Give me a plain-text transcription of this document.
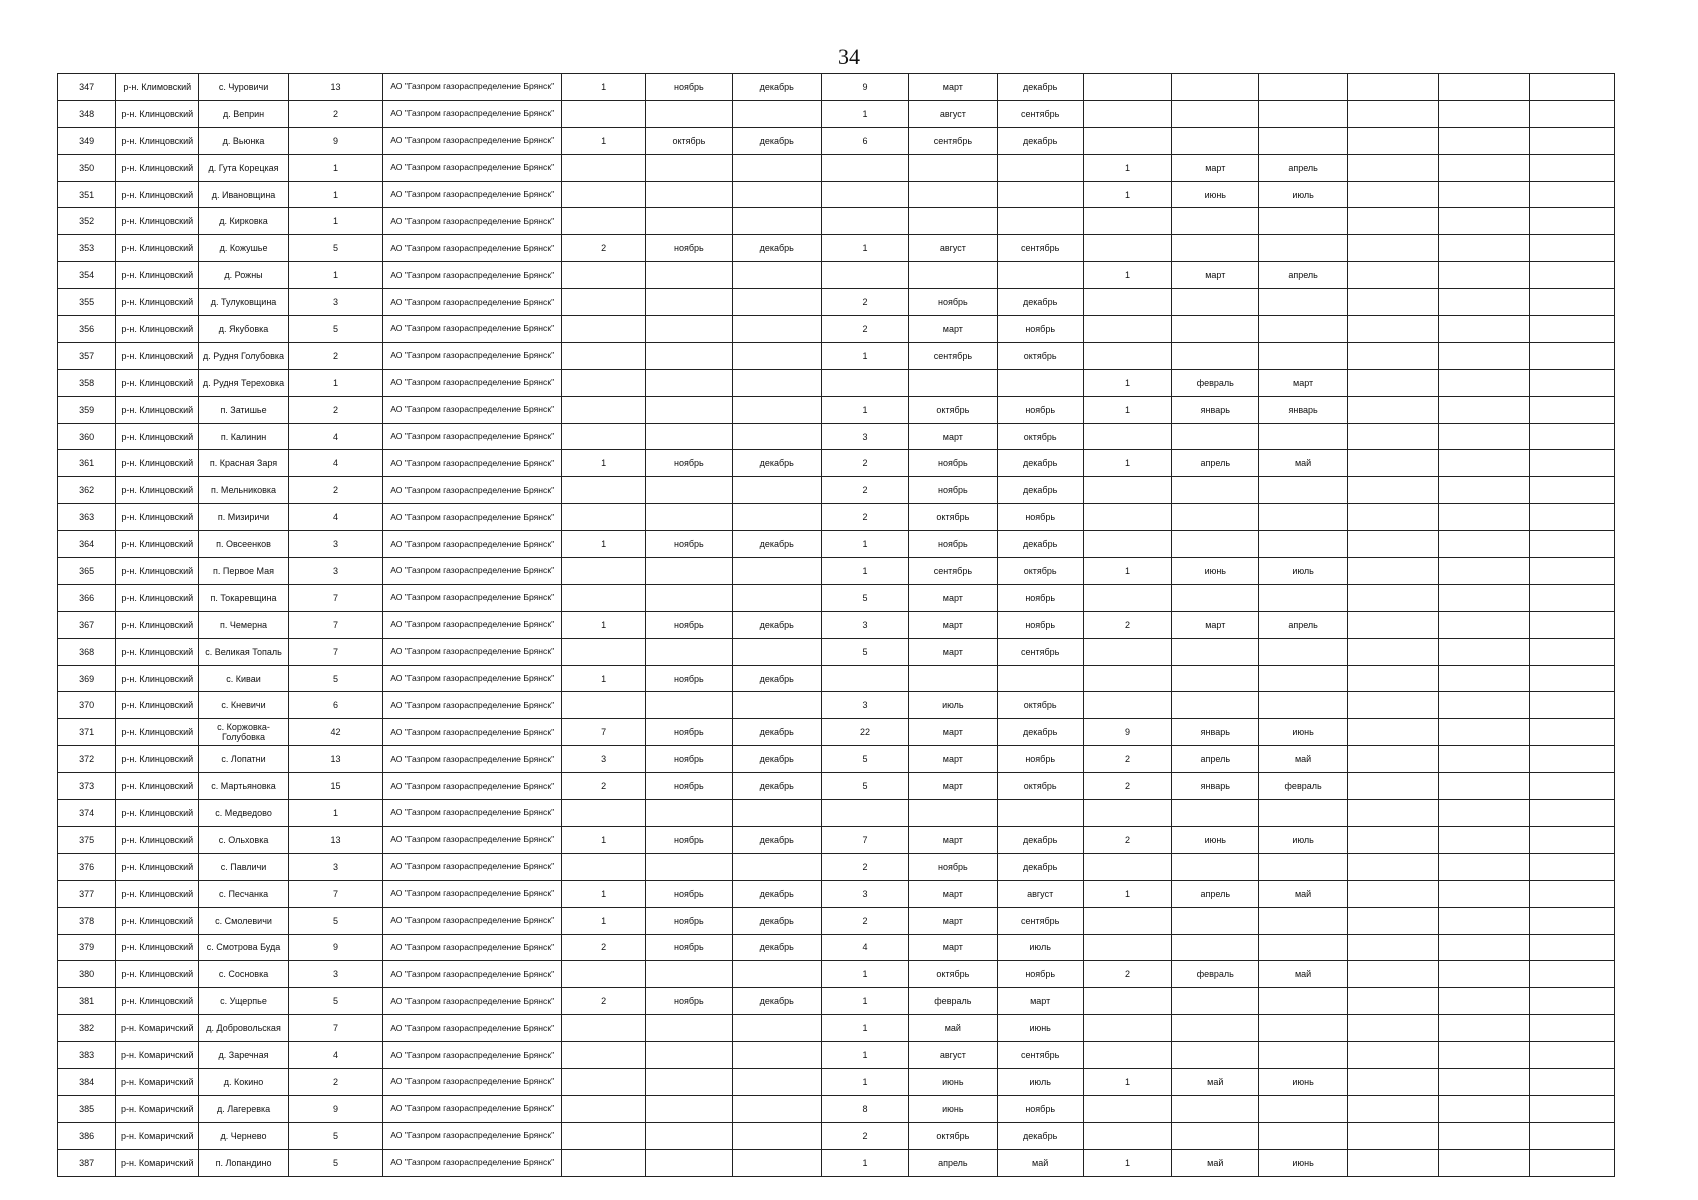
34
347	р-н. Климовский	с. Чуровичи	13	АО "Газпром газораспределение Брянск"	1	ноябрь	декабрь	9	март	декабрь						
348	р-н. Клинцовский	д. Веприн	2	АО "Газпром газораспределение Брянск"				1	август	сентябрь						
349	р-н. Клинцовский	д. Вьюнка	9	АО "Газпром газораспределение Брянск"	1	октябрь	декабрь	6	сентябрь	декабрь						
350	р-н. Клинцовский	д. Гута Корецкая	1	АО "Газпром газораспределение Брянск"							1	март	апрель			
351	р-н. Клинцовский	д. Ивановщина	1	АО "Газпром газораспределение Брянск"							1	июнь	июль			
352	р-н. Клинцовский	д. Кирковка	1	АО "Газпром газораспределение Брянск"												
353	р-н. Клинцовский	д. Кожушье	5	АО "Газпром газораспределение Брянск"	2	ноябрь	декабрь	1	август	сентябрь						
354	р-н. Клинцовский	д. Рожны	1	АО "Газпром газораспределение Брянск"							1	март	апрель			
355	р-н. Клинцовский	д. Тулуковщина	3	АО "Газпром газораспределение Брянск"				2	ноябрь	декабрь						
356	р-н. Клинцовский	д. Якубовка	5	АО "Газпром газораспределение Брянск"				2	март	ноябрь						
357	р-н. Клинцовский	д. Рудня Голубовка	2	АО "Газпром газораспределение Брянск"				1	сентябрь	октябрь						
358	р-н. Клинцовский	д. Рудня Тереховка	1	АО "Газпром газораспределение Брянск"							1	февраль	март			
359	р-н. Клинцовский	п. Затишье	2	АО "Газпром газораспределение Брянск"				1	октябрь	ноябрь	1	январь	январь			
360	р-н. Клинцовский	п. Калинин	4	АО "Газпром газораспределение Брянск"				3	март	октябрь						
361	р-н. Клинцовский	п. Красная Заря	4	АО "Газпром газораспределение Брянск"	1	ноябрь	декабрь	2	ноябрь	декабрь	1	апрель	май			
362	р-н. Клинцовский	п. Мельниковка	2	АО "Газпром газораспределение Брянск"				2	ноябрь	декабрь						
363	р-н. Клинцовский	п. Мизиричи	4	АО "Газпром газораспределение Брянск"				2	октябрь	ноябрь						
364	р-н. Клинцовский	п. Овсеенков	3	АО "Газпром газораспределение Брянск"	1	ноябрь	декабрь	1	ноябрь	декабрь						
365	р-н. Клинцовский	п. Первое Мая	3	АО "Газпром газораспределение Брянск"				1	сентябрь	октябрь	1	июнь	июль			
366	р-н. Клинцовский	п. Токаревщина	7	АО "Газпром газораспределение Брянск"				5	март	ноябрь						
367	р-н. Клинцовский	п. Чемерна	7	АО "Газпром газораспределение Брянск"	1	ноябрь	декабрь	3	март	ноябрь	2	март	апрель			
368	р-н. Клинцовский	с. Великая Топаль	7	АО "Газпром газораспределение Брянск"				5	март	сентябрь						
369	р-н. Клинцовский	с. Киваи	5	АО "Газпром газораспределение Брянск"	1	ноябрь	декабрь									
370	р-н. Клинцовский	с. Кневичи	6	АО "Газпром газораспределение Брянск"				3	июль	октябрь						
371	р-н. Клинцовский	с. Коржовка-Голубовка	42	АО "Газпром газораспределение Брянск"	7	ноябрь	декабрь	22	март	декабрь	9	январь	июнь			
372	р-н. Клинцовский	с. Лопатни	13	АО "Газпром газораспределение Брянск"	3	ноябрь	декабрь	5	март	ноябрь	2	апрель	май			
373	р-н. Клинцовский	с. Мартьяновка	15	АО "Газпром газораспределение Брянск"	2	ноябрь	декабрь	5	март	октябрь	2	январь	февраль			
374	р-н. Клинцовский	с. Медведово	1	АО "Газпром газораспределение Брянск"												
375	р-н. Клинцовский	с. Ольховка	13	АО "Газпром газораспределение Брянск"	1	ноябрь	декабрь	7	март	декабрь	2	июнь	июль			
376	р-н. Клинцовский	с. Павличи	3	АО "Газпром газораспределение Брянск"				2	ноябрь	декабрь						
377	р-н. Клинцовский	с. Песчанка	7	АО "Газпром газораспределение Брянск"	1	ноябрь	декабрь	3	март	август	1	апрель	май			
378	р-н. Клинцовский	с. Смолевичи	5	АО "Газпром газораспределение Брянск"	1	ноябрь	декабрь	2	март	сентябрь						
379	р-н. Клинцовский	с. Смотрова Буда	9	АО "Газпром газораспределение Брянск"	2	ноябрь	декабрь	4	март	июль						
380	р-н. Клинцовский	с. Сосновка	3	АО "Газпром газораспределение Брянск"				1	октябрь	ноябрь	2	февраль	май			
381	р-н. Клинцовский	с. Ущерпье	5	АО "Газпром газораспределение Брянск"	2	ноябрь	декабрь	1	февраль	март						
382	р-н. Комаричский	д. Добровольская	7	АО "Газпром газораспределение Брянск"				1	май	июнь						
383	р-н. Комаричский	д. Заречная	4	АО "Газпром газораспределение Брянск"				1	август	сентябрь						
384	р-н. Комаричский	д. Кокино	2	АО "Газпром газораспределение Брянск"				1	июнь	июль	1	май	июнь			
385	р-н. Комаричский	д. Лагеревка	9	АО "Газпром газораспределение Брянск"				8	июнь	ноябрь						
386	р-н. Комаричский	д. Черневo	5	АО "Газпром газораспределение Брянск"				2	октябрь	декабрь						
387	р-н. Комаричский	п. Лопандино	5	АО "Газпром газораспределение Брянск"				1	апрель	май	1	май	июнь			
